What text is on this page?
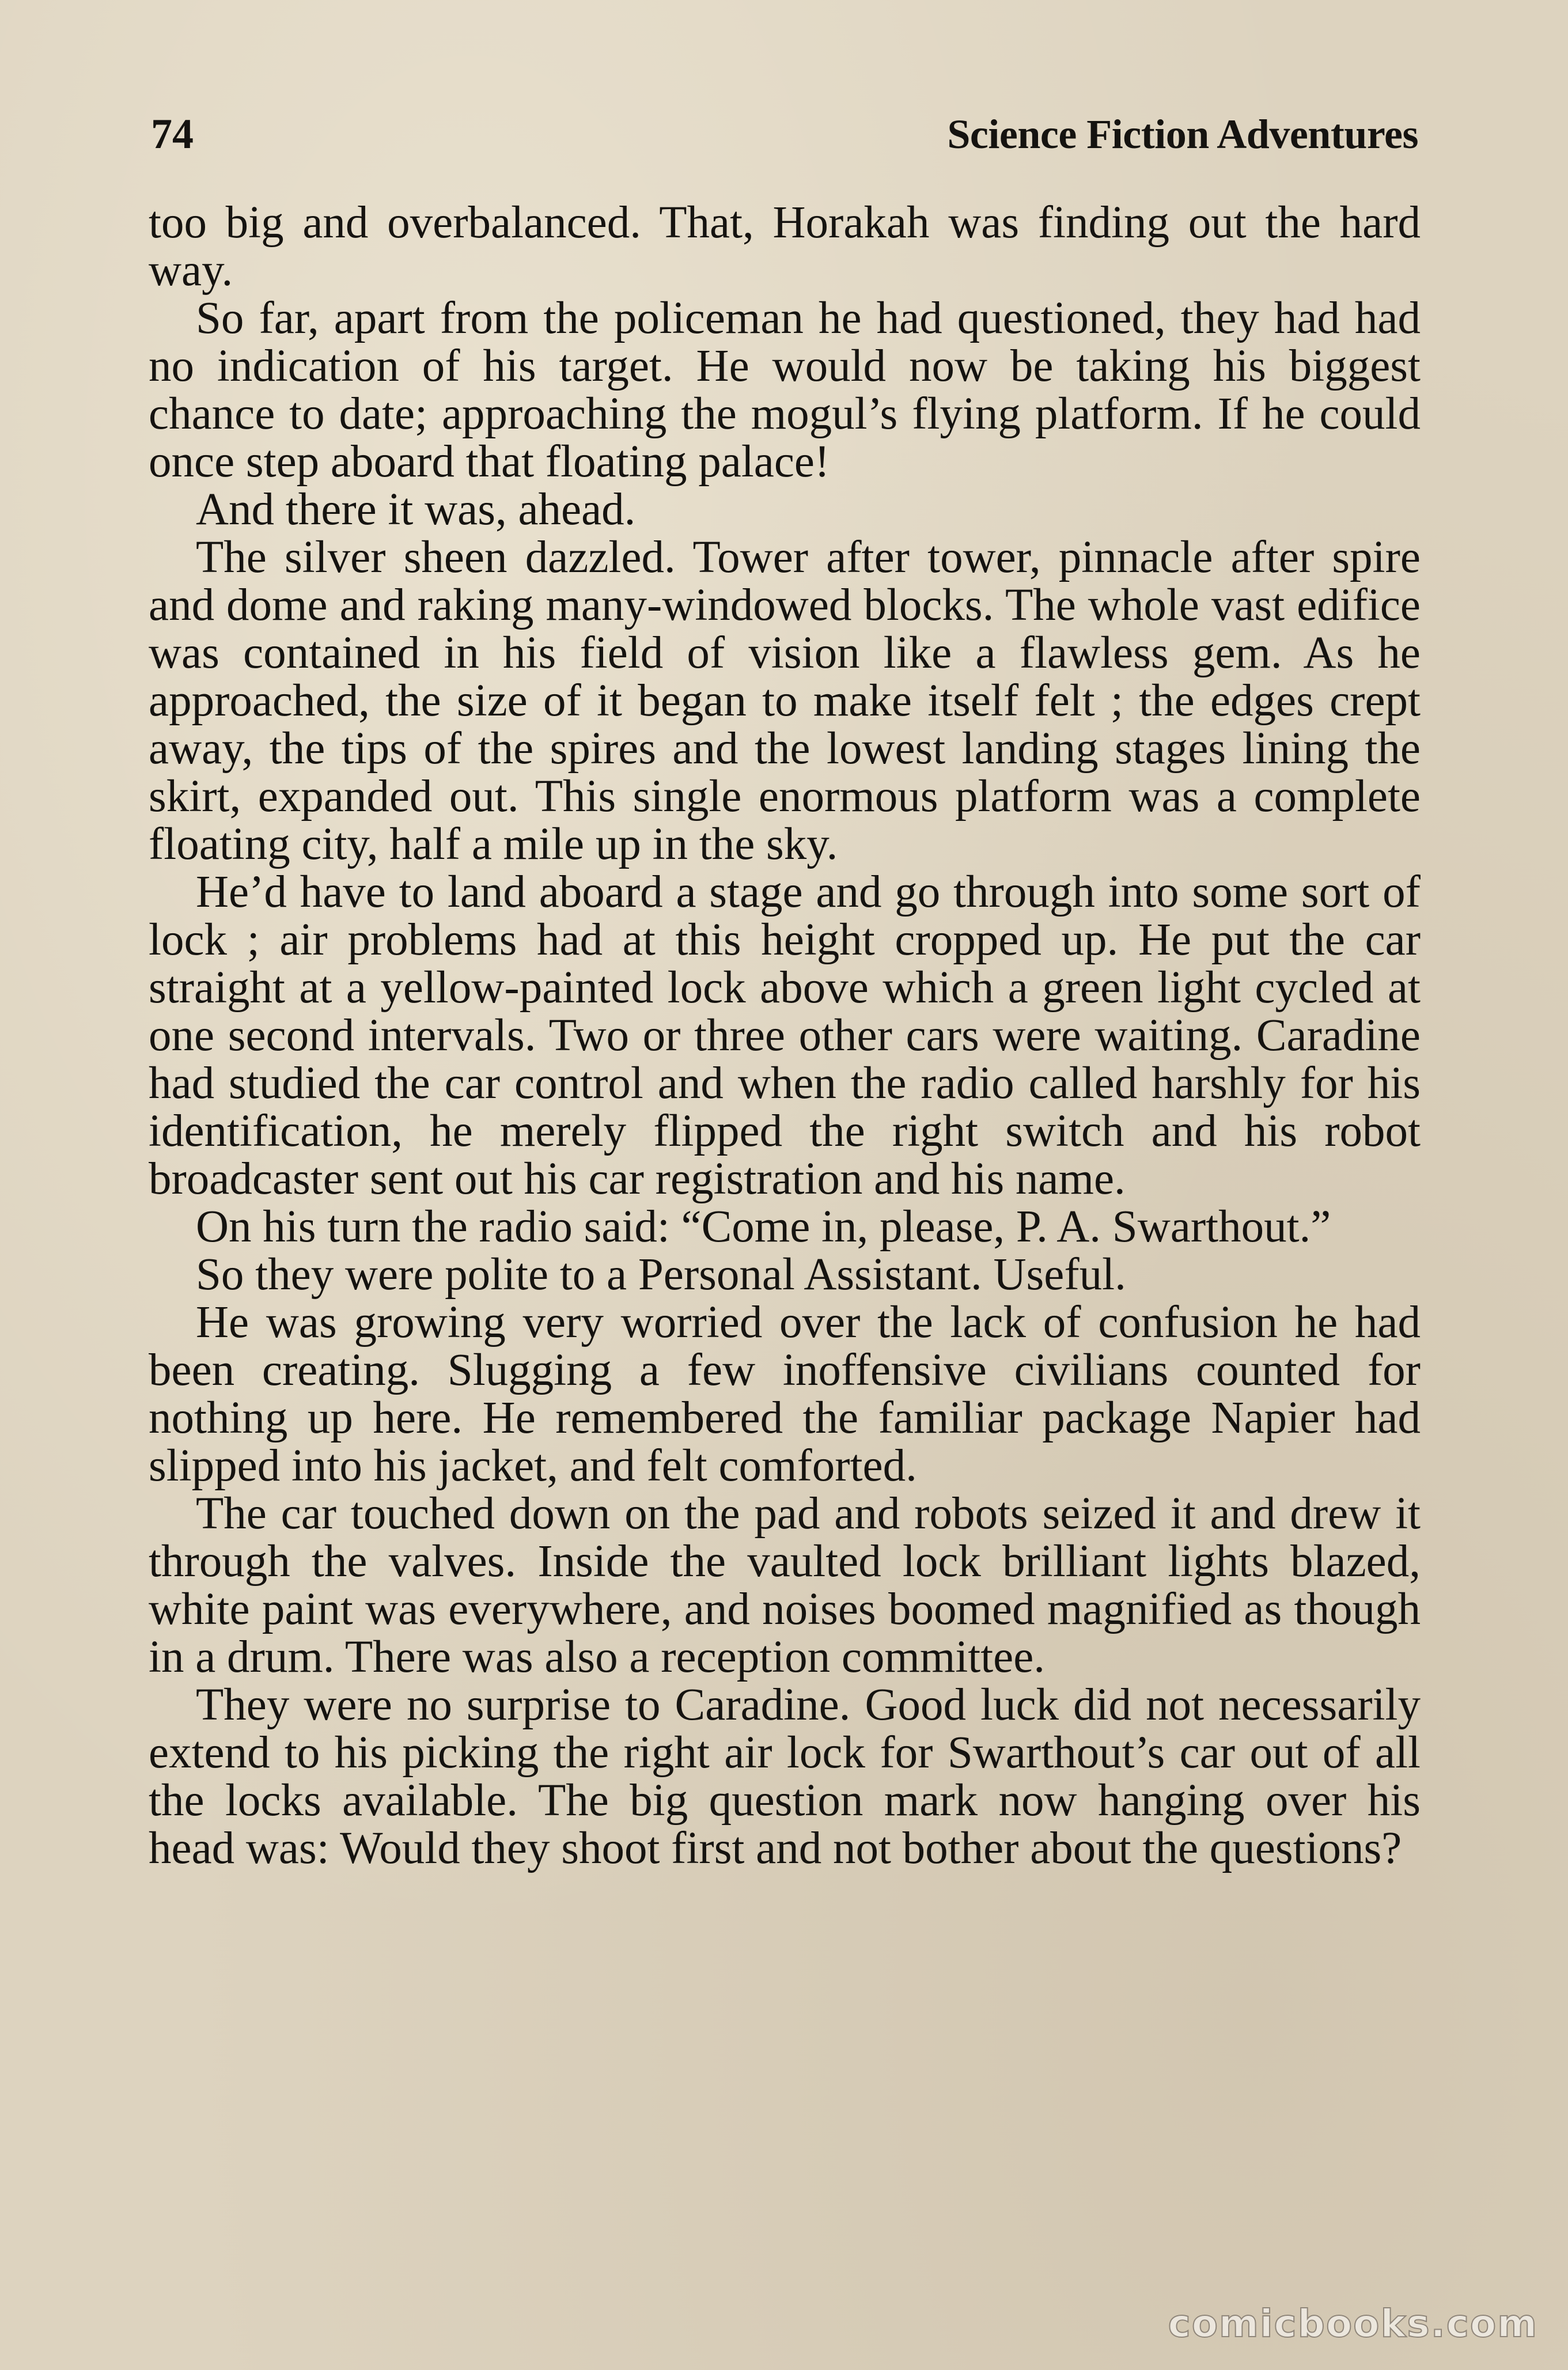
74	Science Fiction Adventures

too big and overbalanced. That, Horakah was finding out the hard way.

So far, apart from the policeman he had questioned, they had had no indication of his target. He would now be taking his biggest chance to date; approaching the mogul’s flying platform. If he could once step aboard that floating palace!

And there it was, ahead.

The silver sheen dazzled. Tower after tower, pinnacle after spire and dome and raking many-windowed blocks. The whole vast edifice was contained in his field of vision like a flawless gem. As he approached, the size of it began to make itself felt ; the edges crept away, the tips of the spires and the lowest landing stages lining the skirt, expanded out. This single enormous platform was a complete floating city, half a mile up in the sky.

He’d have to land aboard a stage and go through into some sort of lock ; air problems had at this height cropped up. He put the car straight at a yellow-painted lock above which a green light cycled at one second intervals. Two or three other cars were waiting. Caradine had studied the car control and when the radio called harshly for his identification, he merely flipped the right switch and his robot broadcaster sent out his car registration and his name.

On his turn the radio said: “Come in, please, P. A. Swarthout.”

So they were polite to a Personal Assistant. Useful.

He was growing very worried over the lack of confusion he had been creating. Slugging a few inoffensive civilians counted for nothing up here. He remembered the familiar package Napier had slipped into his jacket, and felt comforted.

The car touched down on the pad and robots seized it and drew it through the valves. Inside the vaulted lock brilliant lights blazed, white paint was everywhere, and noises boomed magnified as though in a drum. There was also a reception committee.

They were no surprise to Caradine. Good luck did not necessarily extend to his picking the right air lock for Swarthout’s car out of all the locks available. The big question mark now hanging over his head was: Would they shoot first and not bother about the questions?

comicbooks.com
